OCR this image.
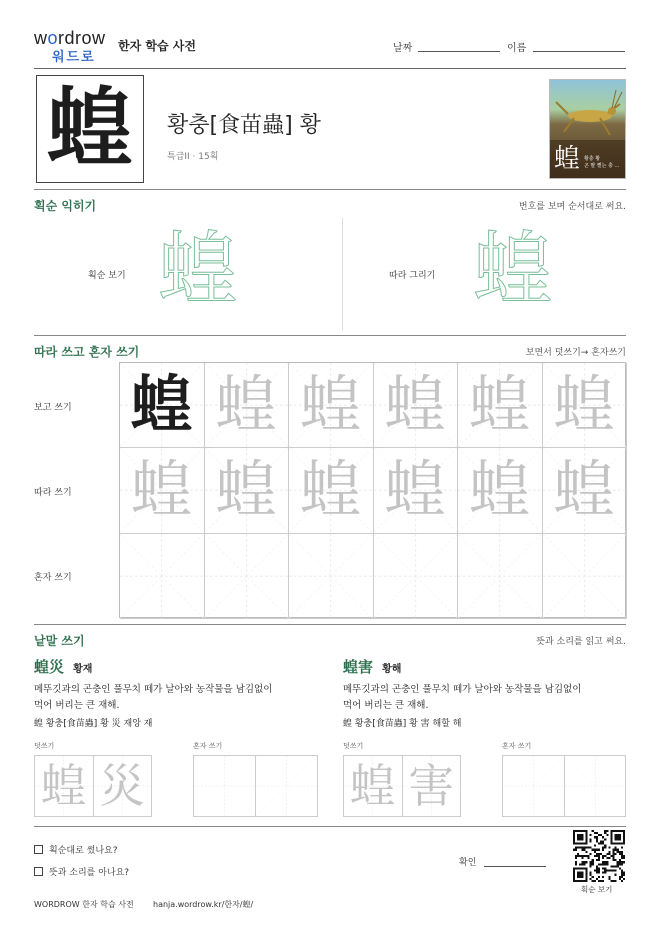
wordrow
워드로
한자 학습 사전	날짜	이름
蝗 황충[食苗蟲] 황
특급II · 15획	蝗 황충 황
곤 팔 뻗는 충 ...
획순 익히기	번호를 보며 순서대로 써요.
획순 보기 蝗	따라 그리기 蝗
따라 쓰고 혼자 쓰기	보면서 덧쓰기→ 혼자쓰기
보고 쓰기
따라 쓰기
혼자 쓰기
蝗 蝗 蝗 蝗 蝗 蝗
蝗 蝗 蝗 蝗 蝗 蝗
낱말 쓰기	뜻과 소리를 읽고 써요.
蝗災 황재
메뚜깃과의 곤충인 풀무치 떼가 날아와 농작물을 남김없이
먹어 버리는 큰 재해.
蝗 황충[食苗蟲] 황 災 재앙 재
덧쓰기	혼자 쓰기
蝗 災
蝗害 황해
메뚜깃과의 곤충인 풀무치 떼가 날아와 농작물을 남김없이
먹어 버리는 큰 재해.
蝗 황충[食苗蟲] 황 害 해할 해
덧쓰기	혼자 쓰기
蝗 害
획순대로 썼나요?
뜻과 소리를 아나요?
확인
획순 보기
WORDROW 한자 학습 사전 hanja.wordrow.kr/한자/蝗/
